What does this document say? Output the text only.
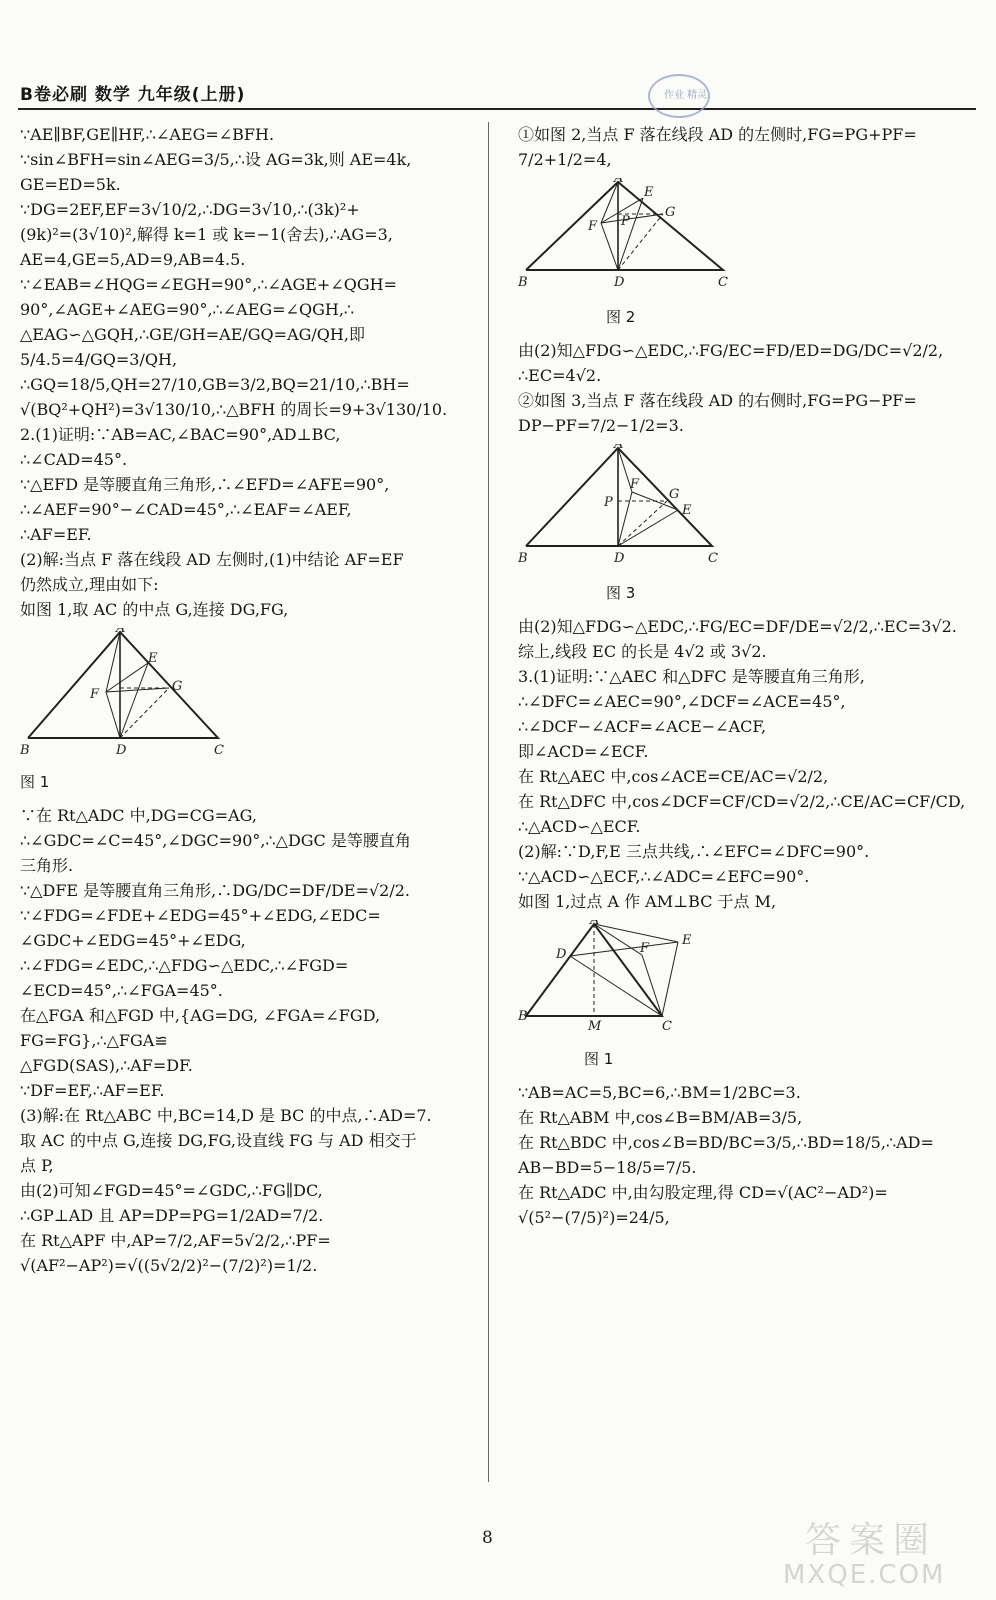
B卷必刷 数学 九年级(上册)	作业 精灵
∵AE∥BF,GE∥HF,∴∠AEG=∠BFH.
∵sin∠BFH=sin∠AEG=3/5,∴设 AG=3k,则 AE=4k,
GE=ED=5k.
∵DG=2EF,EF=3√10/2,∴DG=3√10,∴(3k)²+
(9k)²=(3√10)²,解得 k=1 或 k=−1(舍去),∴AG=3,
AE=4,GE=5,AD=9,AB=4.5.
∵∠EAB=∠HQG=∠EGH=90°,∴∠AGE+∠QGH=
90°,∠AGE+∠AEG=90°,∴∠AEG=∠QGH,∴
△EAG∽△GQH,∴GE/GH=AE/GQ=AG/QH,即 5/4.5=4/GQ=3/QH,
∴GQ=18/5,QH=27/10,GB=3/2,BQ=21/10,∴BH=
√(BQ²+QH²)=3√130/10,∴△BFH 的周长=9+3√130/10.
2.(1)证明:∵AB=AC,∠BAC=90°,AD⊥BC,
∴∠CAD=45°.
∵△EFD 是等腰直角三角形,∴∠EFD=∠AFE=90°,
∴∠AEF=90°−∠CAD=45°,∴∠EAF=∠AEF,
∴AF=EF.
(2)解:当点 F 落在线段 AD 左侧时,(1)中结论 AF=EF
仍然成立,理由如下:
如图 1,取 AC 的中点 G,连接 DG,FG,
A
B	C
D
E
F
G
图 1
∵在 Rt△ADC 中,DG=CG=AG,
∴∠GDC=∠C=45°,∠DGC=90°,∴△DGC 是等腰直角
三角形.
∵△DFE 是等腰直角三角形,∴DG/DC=DF/DE=√2/2.
∵∠FDG=∠FDE+∠EDG=45°+∠EDG,∠EDC=
∠GDC+∠EDG=45°+∠EDG,
∴∠FDG=∠EDC,∴△FDG∽△EDC,∴∠FGD=
∠ECD=45°,∴∠FGA=45°.
在△FGA 和△FGD 中,{AG=DG, ∠FGA=∠FGD, FG=FG},∴△FGA≌
△FGD(SAS),∴AF=DF.
∵DF=EF,∴AF=EF.
(3)解:在 Rt△ABC 中,BC=14,D 是 BC 的中点,∴AD=7.
取 AC 的中点 G,连接 DG,FG,设直线 FG 与 AD 相交于
点 P,
由(2)可知∠FGD=45°=∠GDC,∴FG∥DC,
∴GP⊥AD 且 AP=DP=PG=1/2AD=7/2.
在 Rt△APF 中,AP=7/2,AF=5√2/2,∴PF=
√(AF²−AP²)=√((5√2/2)²−(7/2)²)=1/2.
①如图 2,当点 F 落在线段 AD 的左侧时,FG=PG+PF=
7/2+1/2=4,
A
B	C
D
E
F
G
P
图 2
由(2)知△FDG∽△EDC,∴FG/EC=FD/ED=DG/DC=√2/2,
∴EC=4√2.
②如图 3,当点 F 落在线段 AD 的右侧时,FG=PG−PF=
DP−PF=7/2−1/2=3.
A
B	C
D
E
F
G
P
图 3
由(2)知△FDG∽△EDC,∴FG/EC=DF/DE=√2/2,∴EC=3√2.
综上,线段 EC 的长是 4√2 或 3√2.
3.(1)证明:∵△AEC 和△DFC 是等腰直角三角形,
∴∠DFC=∠AEC=90°,∠DCF=∠ACE=45°,
∴∠DCF−∠ACF=∠ACE−∠ACF,
即∠ACD=∠ECF.
在 Rt△AEC 中,cos∠ACE=CE/AC=√2/2,
在 Rt△DFC 中,cos∠DCF=CF/CD=√2/2,∴CE/AC=CF/CD,
∴△ACD∽△ECF.
(2)解:∵D,F,E 三点共线,∴∠EFC=∠DFC=90°.
∵△ACD∽△ECF,∴∠ADC=∠EFC=90°.
如图 1,过点 A 作 AM⊥BC 于点 M,
A
B
C
D
E
F
M
图 1
∵AB=AC=5,BC=6,∴BM=1/2BC=3.
在 Rt△ABM 中,cos∠B=BM/AB=3/5,
在 Rt△BDC 中,cos∠B=BD/BC=3/5,∴BD=18/5,∴AD=
AB−BD=5−18/5=7/5.
在 Rt△ADC 中,由勾股定理,得 CD=√(AC²−AD²)=
√(5²−(7/5)²)=24/5,
8	答案圈
MXQE.COM
